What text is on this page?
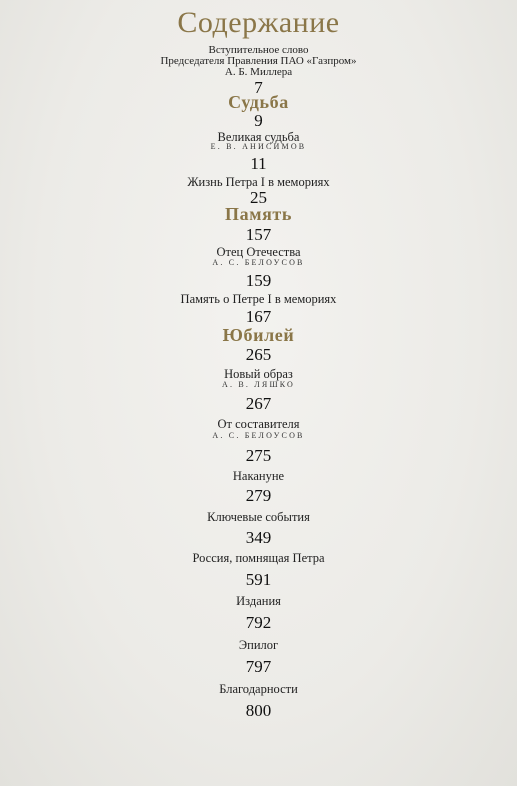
Содержание
Вступительное слово
Председателя Правления ПАО «Газпром»
А. Б. Миллера
7
Судьба
9
Великая судьба
Е. В. АНИСИМОВ
11
Жизнь Петра I в мемориях
25
Память
157
Отец Отечества
А. С. БЕЛОУСОВ
159
Память о Петре I в мемориях
167
Юбилей
265
Новый образ
А. В. ЛЯШКО
267
От составителя
А. С. БЕЛОУСОВ
275
Накануне
279
Ключевые события
349
Россия, помнящая Петра
591
Издания
792
Эпилог
797
Благодарности
800
